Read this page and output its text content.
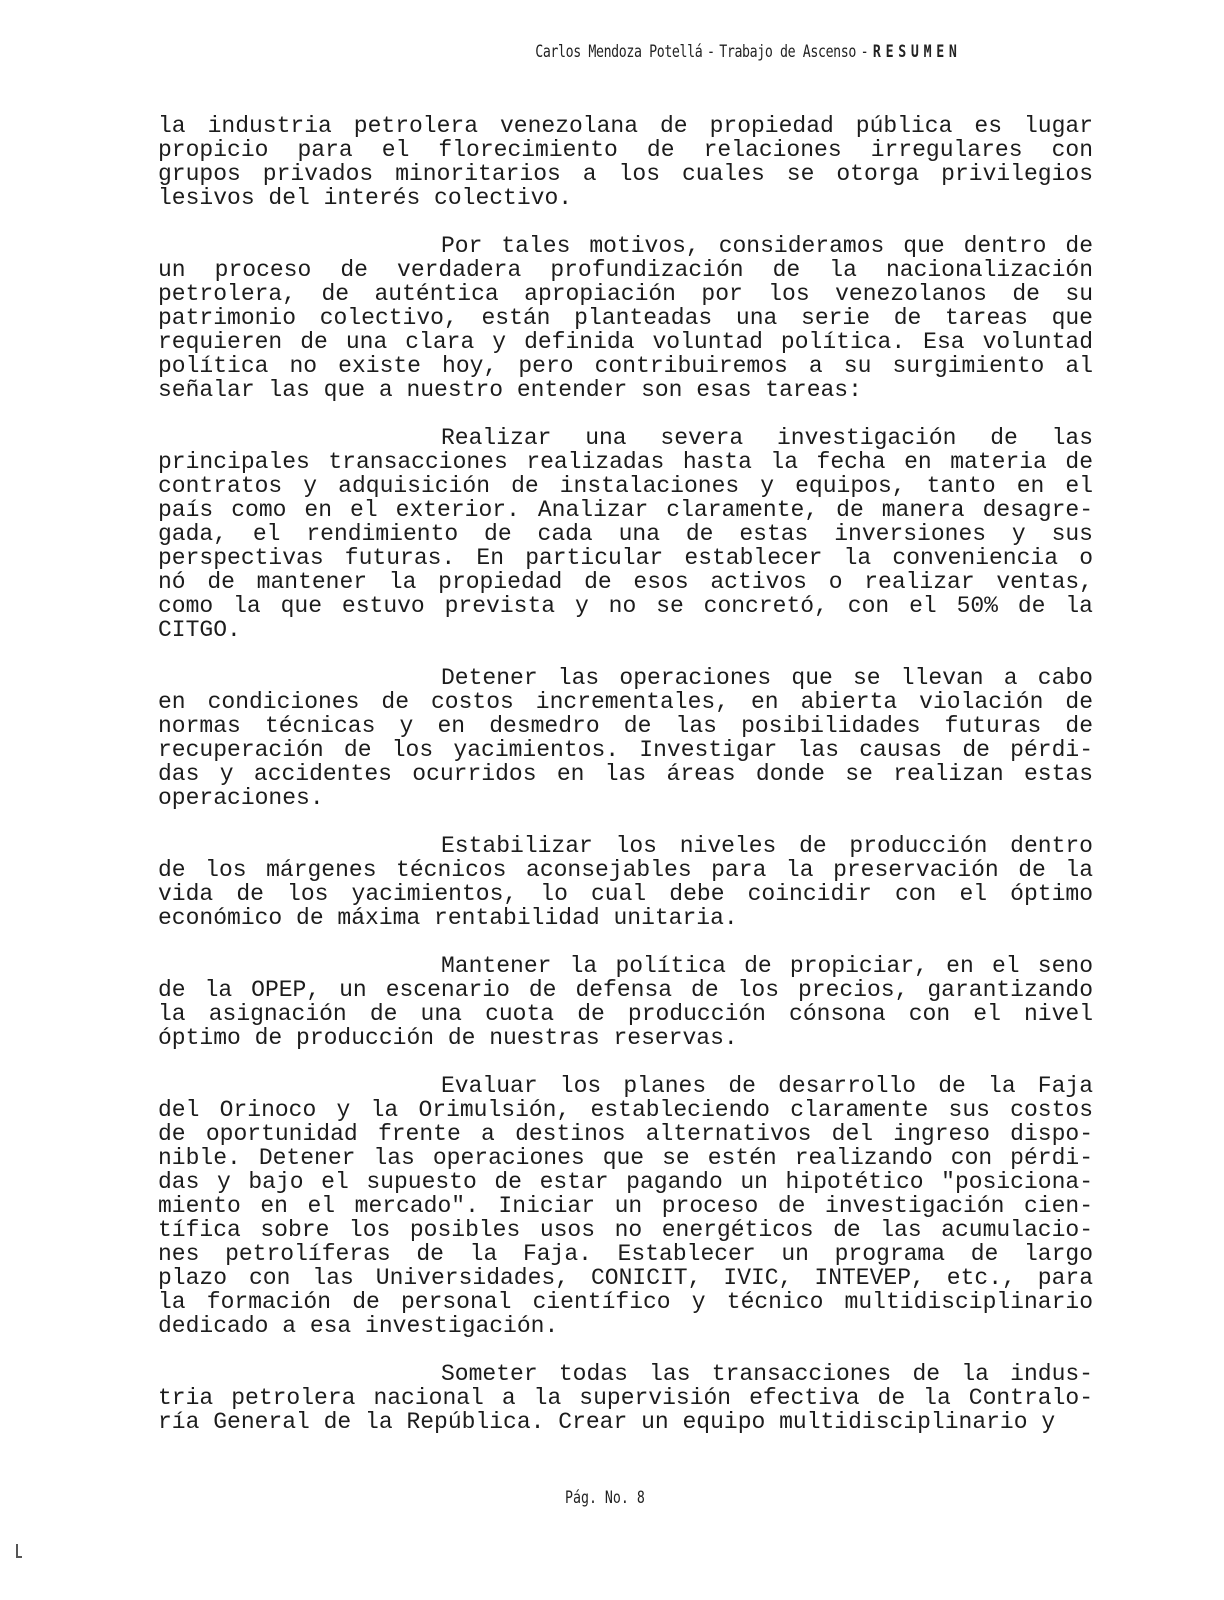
Carlos Mendoza Potellá - Trabajo de Ascenso - RESUMEN
la industria petrolera venezolana de propiedad pública es lugar
propicio para el florecimiento de relaciones irregulares con
grupos privados minoritarios a los cuales se otorga privilegios
lesivos del interés colectivo.
Por tales motivos, consideramos que dentro de
un proceso de verdadera profundización de la nacionalización
petrolera, de auténtica apropiación por los venezolanos de su
patrimonio colectivo, están planteadas una serie de tareas que
requieren de una clara y definida voluntad política. Esa voluntad
política no existe hoy, pero contribuiremos a su surgimiento al
señalar las que a nuestro entender son esas tareas:
Realizar una severa investigación de las
principales transacciones realizadas hasta la fecha en materia de
contratos y adquisición de instalaciones y equipos, tanto en el
país como en el exterior. Analizar claramente, de manera desagre-
gada, el rendimiento de cada una de estas inversiones y sus
perspectivas futuras. En particular establecer la conveniencia o
nó de mantener la propiedad de esos activos o realizar ventas,
como la que estuvo prevista y no se concretó, con el 50% de la
CITGO.
Detener las operaciones que se llevan a cabo
en condiciones de costos incrementales, en abierta violación de
normas técnicas y en desmedro de las posibilidades futuras de
recuperación de los yacimientos. Investigar las causas de pérdi-
das y accidentes ocurridos en las áreas donde se realizan estas
operaciones.
Estabilizar los niveles de producción dentro
de los márgenes técnicos aconsejables para la preservación de la
vida de los yacimientos, lo cual debe coincidir con el óptimo
económico de máxima rentabilidad unitaria.
Mantener la política de propiciar, en el seno
de la OPEP, un escenario de defensa de los precios, garantizando
la asignación de una cuota de producción cónsona con el nivel
óptimo de producción de nuestras reservas.
Evaluar los planes de desarrollo de la Faja
del Orinoco y la Orimulsión, estableciendo claramente sus costos
de oportunidad frente a destinos alternativos del ingreso dispo-
nible. Detener las operaciones que se estén realizando con pérdi-
das y bajo el supuesto de estar pagando un hipotético "posiciona-
miento en el mercado". Iniciar un proceso de investigación cien-
tífica sobre los posibles usos no energéticos de las acumulacio-
nes petrolíferas de la Faja. Establecer un programa de largo
plazo con las Universidades, CONICIT, IVIC, INTEVEP, etc., para
la formación de personal científico y técnico multidisciplinario
dedicado a esa investigación.
Someter todas las transacciones de la indus-
tria petrolera nacional a la supervisión efectiva de la Contralo-
ría General de la República. Crear un equipo multidisciplinario y
Pág. No. 8
